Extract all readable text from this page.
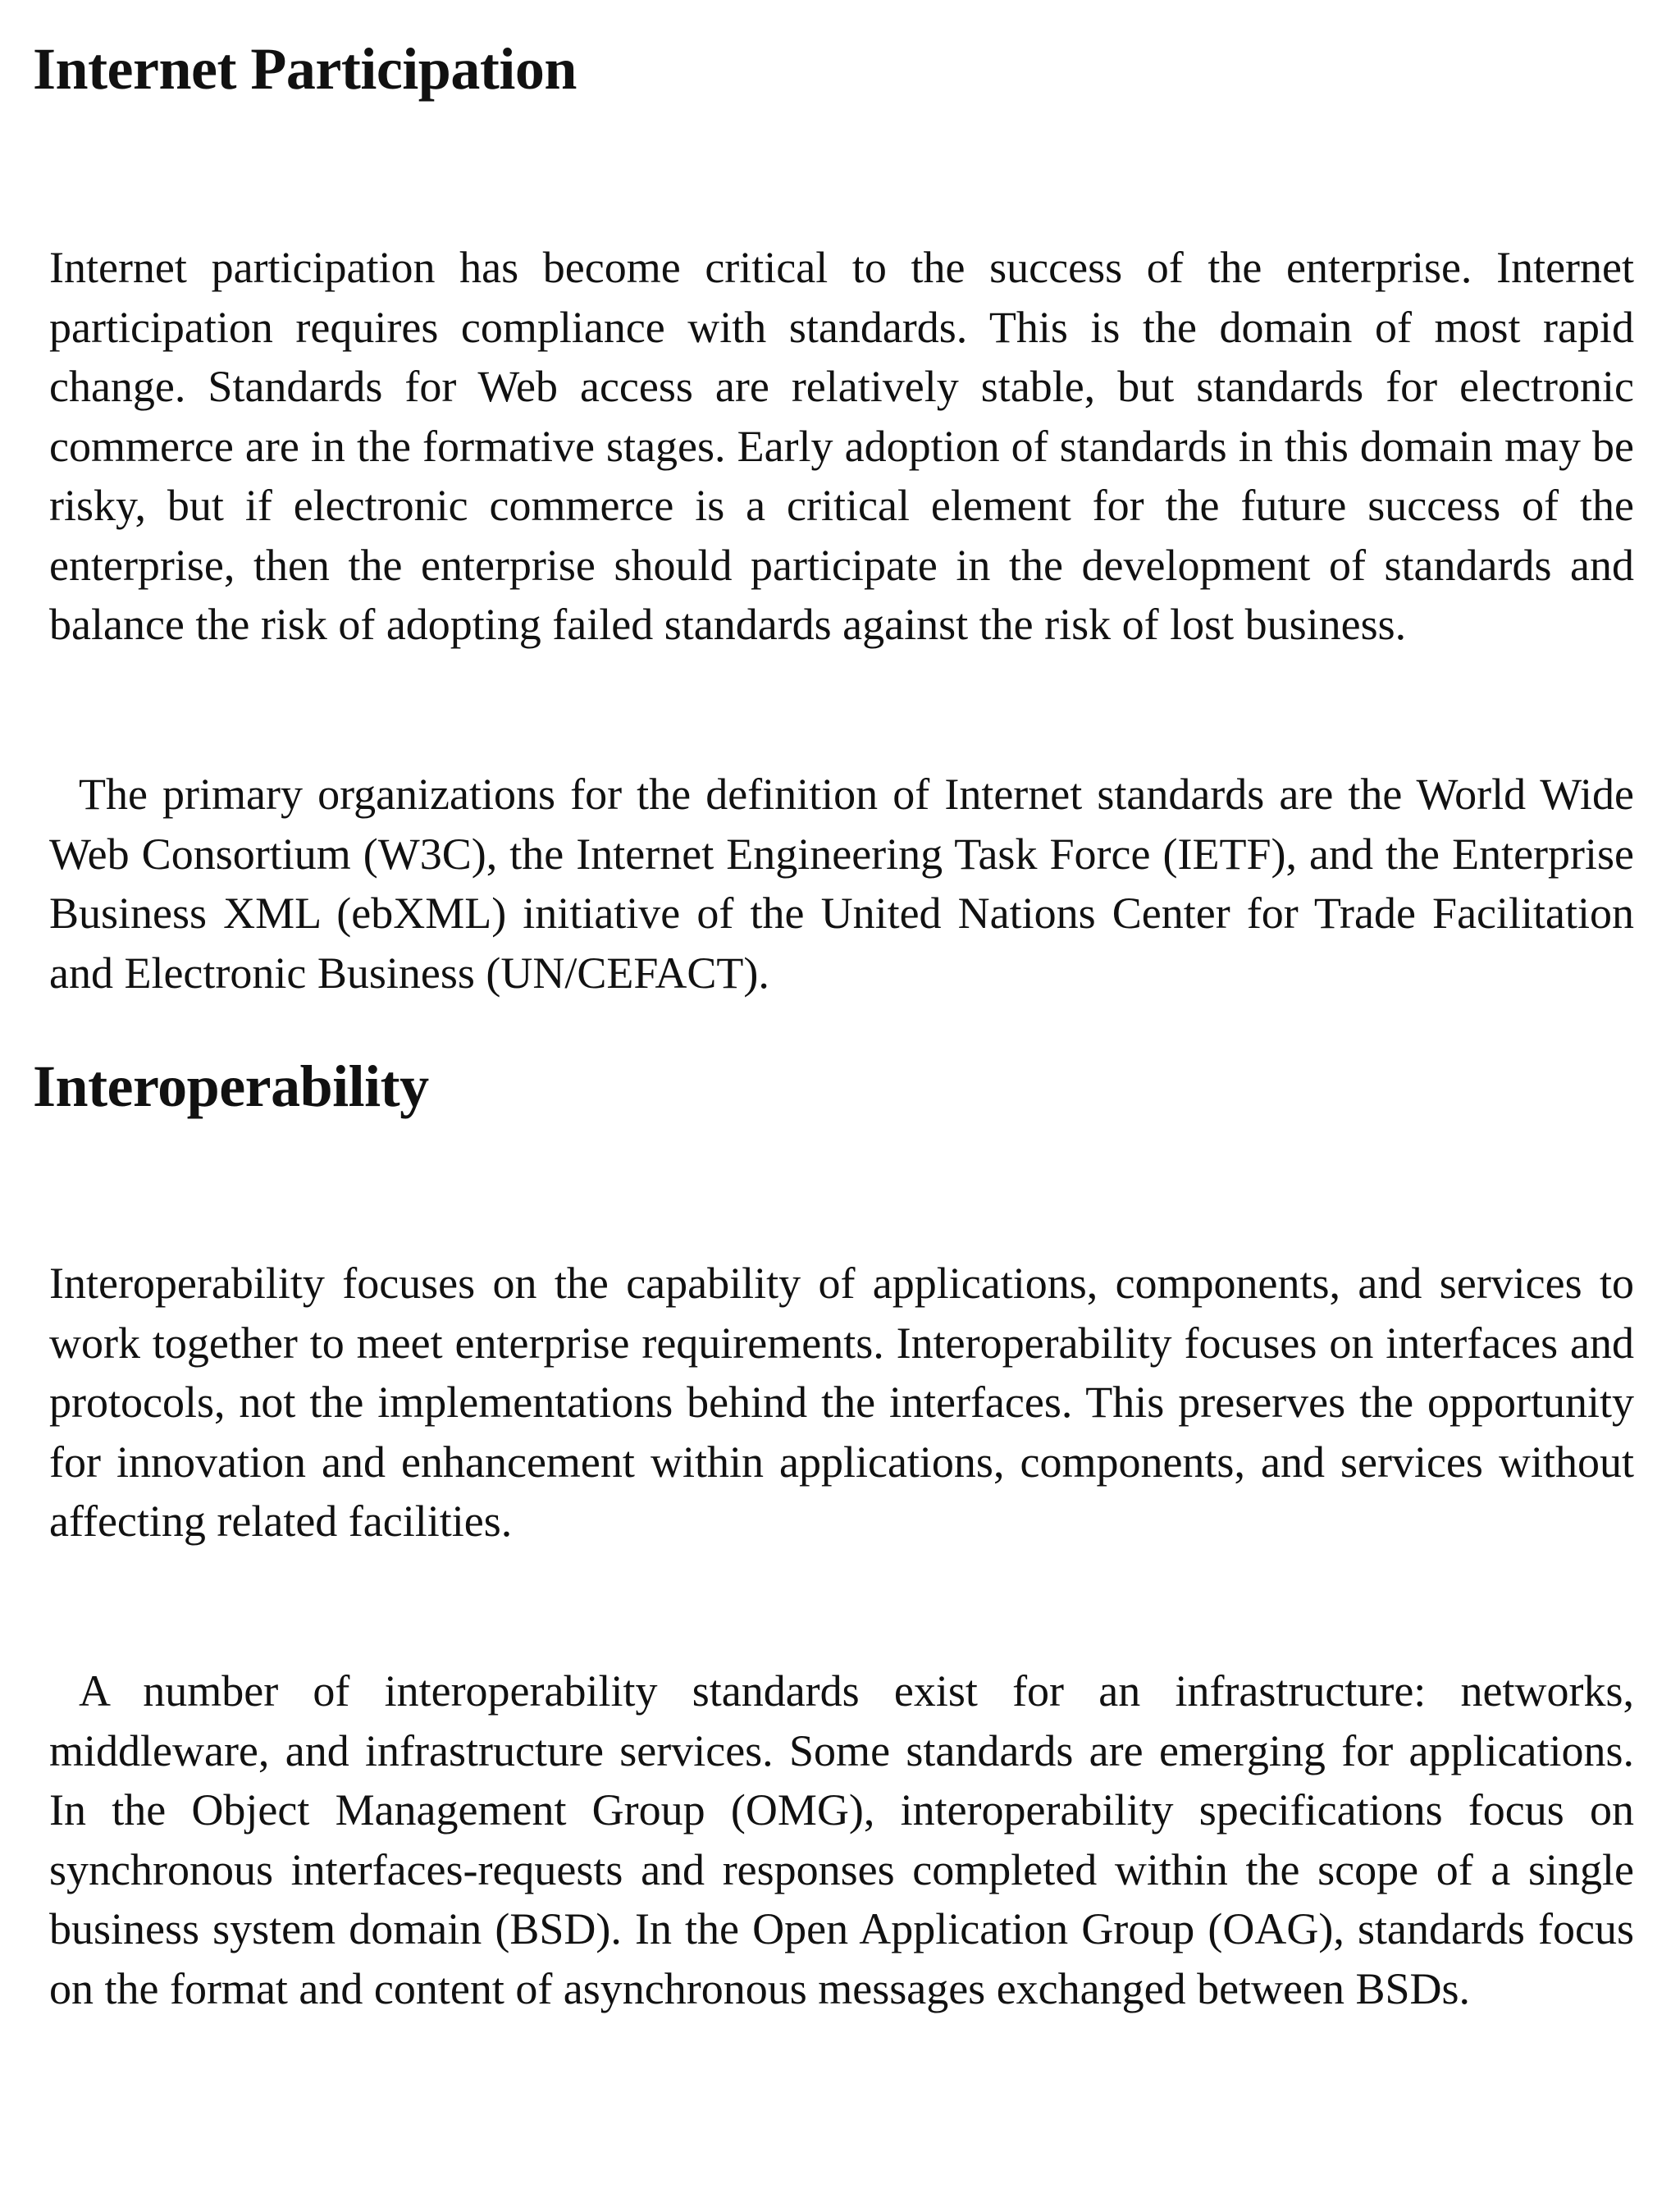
Internet Participation

Internet participation has become critical to the success of the enterprise. Internet participation requires compliance with standards. This is the domain of most rapid change. Standards for Web access are relatively stable, but standards for electronic commerce are in the formative stages. Early adoption of standards in this domain may be risky, but if electronic commerce is a critical element for the future success of the enterprise, then the enterprise should participate in the development of standards and balance the risk of adopting failed standards against the risk of lost business.

The primary organizations for the definition of Internet standards are the World Wide Web Consortium (W3C), the Internet Engineering Task Force (IETF), and the Enterprise Business XML (ebXML) initiative of the United Nations Center for Trade Facilitation and Electronic Business (UN/CEFACT).

Interoperability

Interoperability focuses on the capability of applications, components, and services to work together to meet enterprise requirements. Interoperability focuses on interfaces and protocols, not the implementations behind the interfaces. This preserves the opportunity for innovation and enhancement within applications, components, and services without affecting related facilities.

A number of interoperability standards exist for an infrastructure: networks, middleware, and infrastructure services. Some standards are emerging for applications. In the Object Management Group (OMG), interoperability specifications focus on synchronous interfaces-requests and responses completed within the scope of a single business system domain (BSD). In the Open Application Group (OAG), standards focus on the format and content of asynchronous messages exchanged between BSDs.
